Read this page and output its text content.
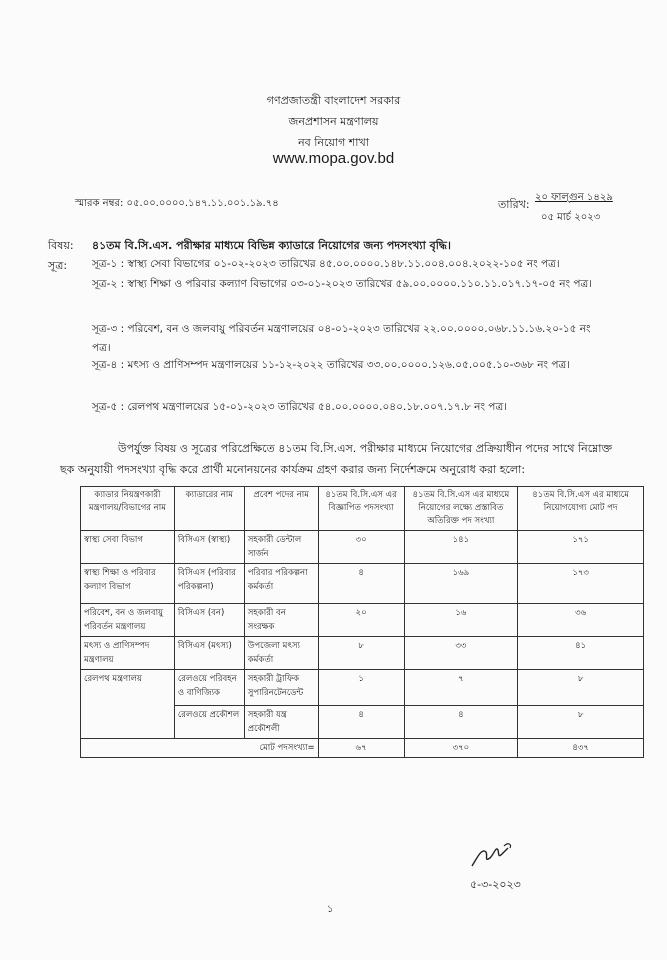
গণপ্রজাতন্ত্রী বাংলাদেশ সরকার
জনপ্রশাসন মন্ত্রণালয়
নব নিয়োগ শাখা
www.mopa.gov.bd
স্মারক নম্বর: ০৫.০০.০০০০.১৪৭.১১.০০১.১৯.৭৪	তারিখ:
২০ ফাল্গুন ১৪২৯
০৫ মার্চ ২০২৩
বিষয়: ৪১তম বি.সি.এস. পরীক্ষার মাধ্যমে বিভিন্ন ক্যাডারে নিয়োগের জন্য পদসংখ্যা বৃদ্ধি।
সূত্র: সূত্র-১ : স্বাস্থ্য সেবা বিভাগের ০১-০২-২০২৩ তারিখের ৪৫.০০.০০০০.১৪৮.১১.০০৪.০০৪.২০২২-১০৫ নং পত্র।
সূত্র-২ : স্বাস্থ্য শিক্ষা ও পরিবার কল্যাণ বিভাগের ০৩-০১-২০২৩ তারিখের ৫৯.০০.০০০০.১১০.১১.০১৭.১৭-০৫ নং পত্র।
সূত্র-৩ : পরিবেশ, বন ও জলবায়ু পরিবর্তন মন্ত্রণালয়ের ০৪-০১-২০২৩ তারিখের ২২.০০.০০০০.০৬৮.১১.১৬.২০-১৫ নং পত্র।
সূত্র-৪ : মৎস্য ও প্রাণিসম্পদ মন্ত্রণালয়ের ১১-১২-২০২২ তারিখের ৩৩.০০.০০০০.১২৬.০৫.০০৫.১০-৩৬৮ নং পত্র।
সূত্র-৫ : রেলপথ মন্ত্রণালয়ের ১৫-০১-২০২৩ তারিখের ৫৪.০০.০০০০.০৪০.১৮.০০৭.১৭.৮ নং পত্র।
উপর্যুক্ত বিষয় ও সূত্রের পরিপ্রেক্ষিতে ৪১তম বি.সি.এস. পরীক্ষার মাধ্যমে নিয়োগের প্রক্রিয়াধীন পদের সাথে নিম্নোক্ত ছক অনুযায়ী পদসংখ্যা বৃদ্ধি করে প্রার্থী মনোনয়নের কার্যক্রম গ্রহণ করার জন্য নির্দেশক্রমে অনুরোধ করা হলো:
ক্যাডার নিয়ন্ত্রণকারী মন্ত্রণালয়/বিভাগের নাম	ক্যাডারের নাম	প্রবেশ পদের নাম	৪১তম বি.সি.এস এর বিজ্ঞাপিত পদসংখ্যা	৪১তম বি.সি.এস এর মাধ্যমে নিয়োগের লক্ষ্যে প্রস্তাবিত অতিরিক্ত পদ সংখ্যা	৪১তম বি.সি.এস এর মাধ্যমে নিয়োগযোগ্য মোট পদ
স্বাস্থ্য সেবা বিভাগ	বিসিএস (স্বাস্থ্য)	সহকারী ডেন্টাল সার্জন	৩০	১৪১	১৭১
স্বাস্থ্য শিক্ষা ও পরিবার কল্যাণ বিভাগ	বিসিএস (পরিবার পরিকল্পনা)	পরিবার পরিকল্পনা কর্মকর্তা	৪	১৬৯	১৭৩
পরিবেশ, বন ও জলবায়ু পরিবর্তন মন্ত্রণালয়	বিসিএস (বন)	সহকারী বন সংরক্ষক	২০	১৬	৩৬
মৎস্য ও প্রাণিসম্পদ মন্ত্রণালয়	বিসিএস (মৎস্য)	উপজেলা মৎস্য কর্মকর্তা	৮	৩৩	৪১
রেলপথ মন্ত্রণালয়	রেলওয়ে পরিবহন ও বাণিজ্যিক	সহকারী ট্রাফিক সুপারিনটেনডেন্ট	১	৭	৮
	রেলওয়ে প্রকৌশল	সহকারী যন্ত্র প্রকৌশলী	৪	৪	৮
মোট পদসংখ্যা=			৬৭	৩৭০	৪৩৭
৫-৩-২০২৩
১
